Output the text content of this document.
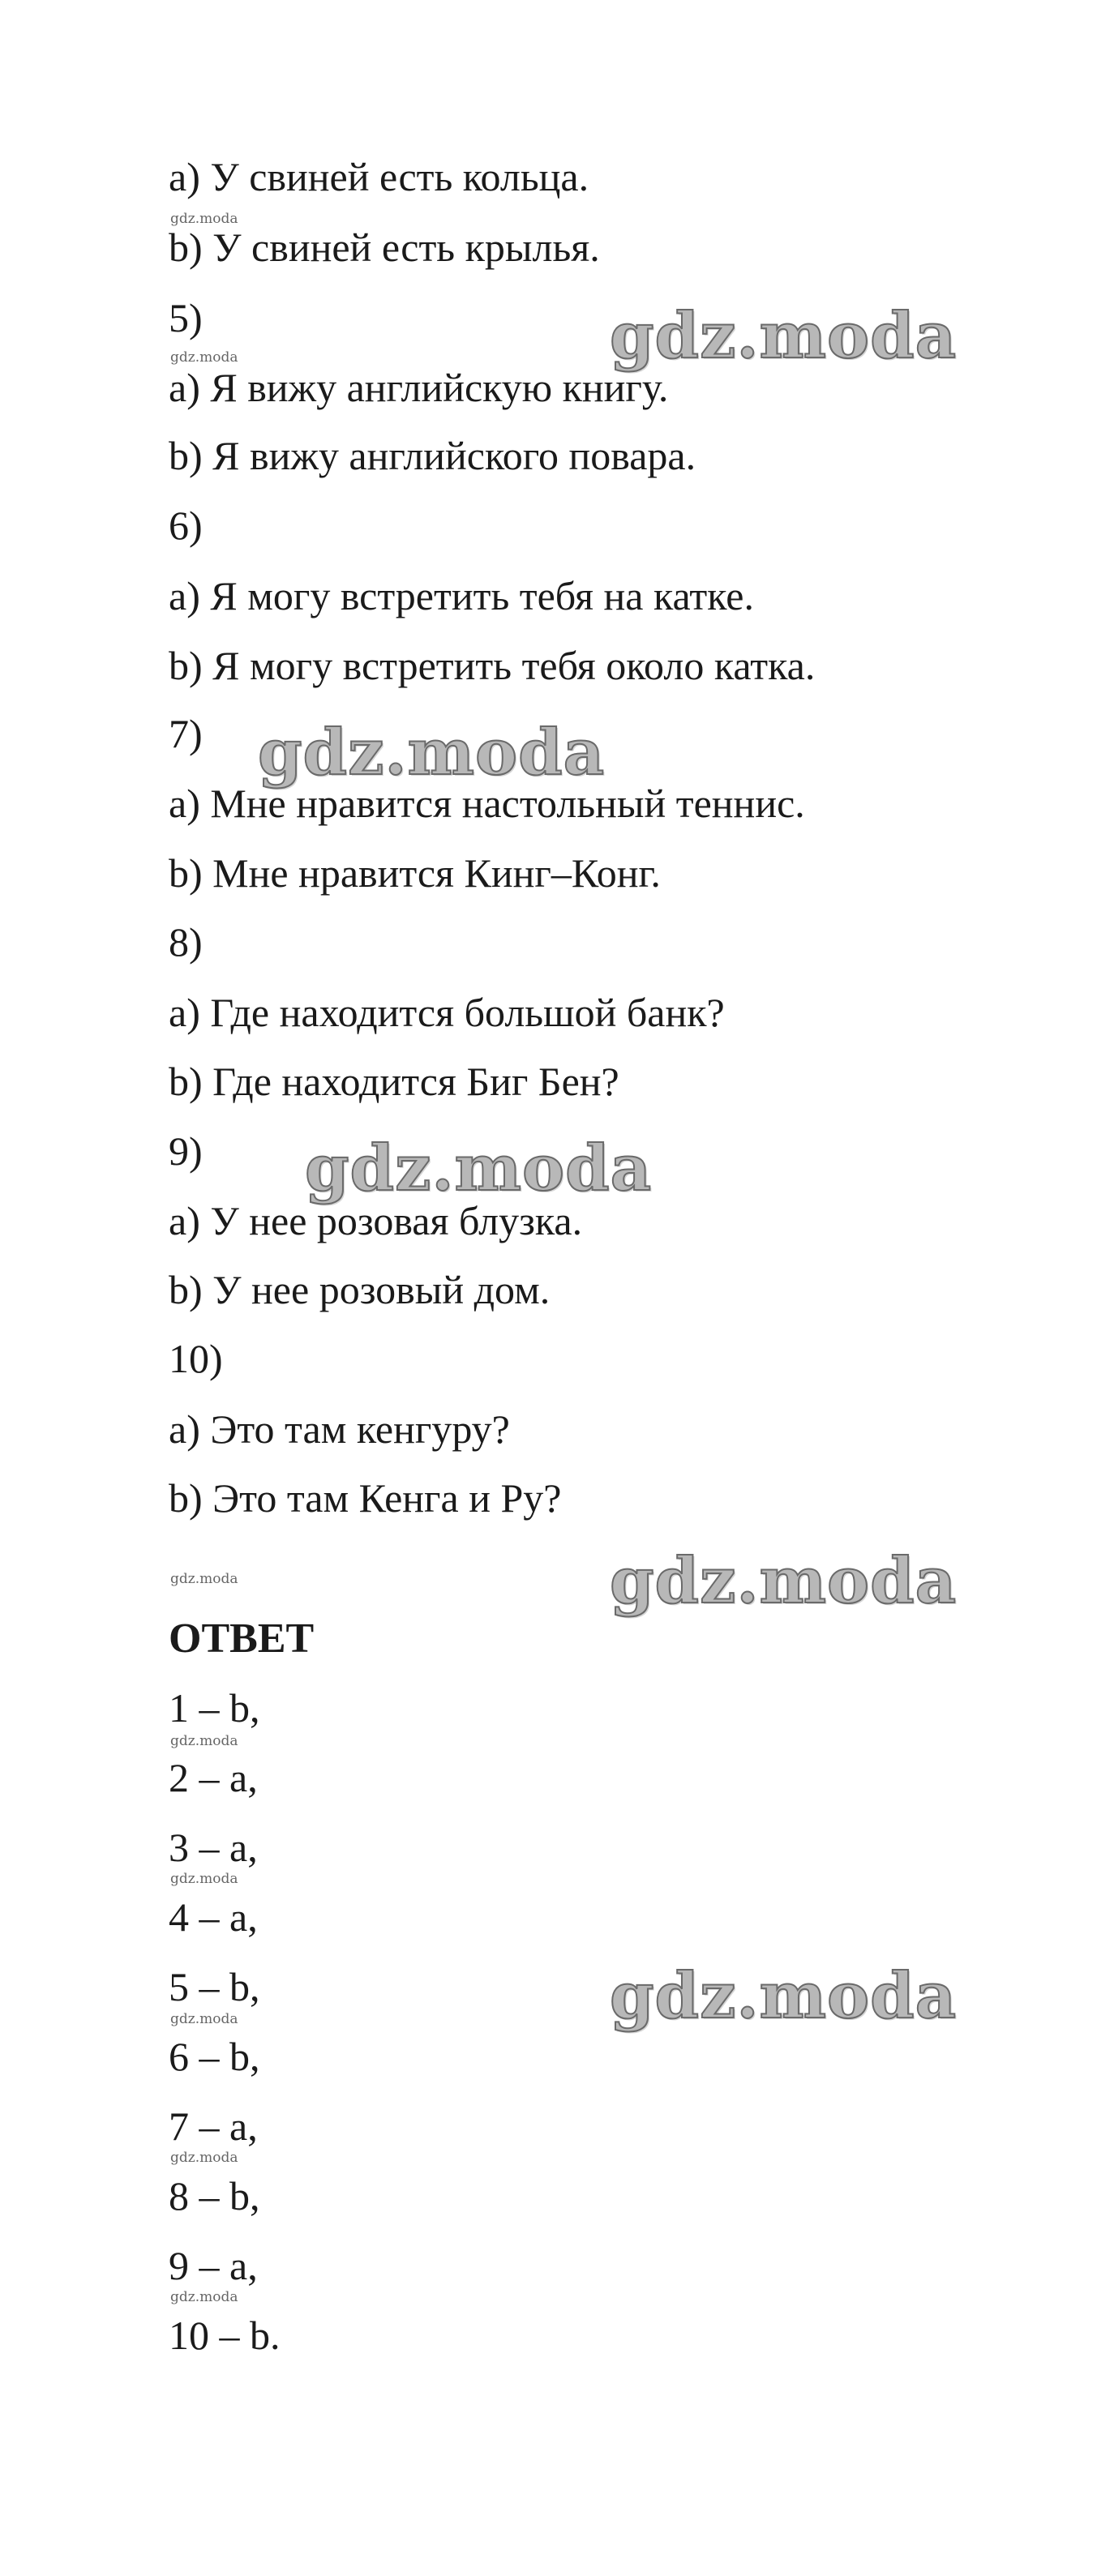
a) У свиней есть кольца.
b) У свиней есть крылья.
5)
a) Я вижу английскую книгу.
b) Я вижу английского повара.
6)
a) Я могу встретить тебя на катке.
b) Я могу встретить тебя около катка.
7)
a) Мне нравится настольный теннис.
b) Мне нравится Кинг–Конг.
8)
a) Где находится большой банк?
b) Где находится Биг Бен?
9)
a) У нее розовая блузка.
b) У нее розовый дом.
10)
a) Это там кенгуру?
b) Это там Кенга и Ру?
ОТВЕТ
1 – b,
2 – a,
3 – a,
4 – a,
5 – b,
6 – b,
7 – a,
8 – b,
9 – a,
10 – b.
gdz.moda
gdz.moda
gdz.moda
gdz.moda
gdz.moda
gdz.moda
gdz.moda
gdz.moda
gdz.moda
gdz.moda
gdz.moda
gdz.moda
gdz.moda
